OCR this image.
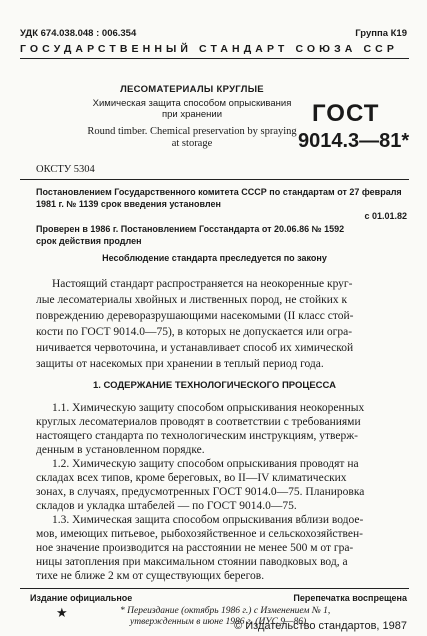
УДК 674.038.048 : 006.354	Группа К19
ГОСУДАРСТВЕННЫЙ СТАНДАРТ СОЮЗА ССР
ЛЕСОМАТЕРИАЛЫ КРУГЛЫЕ
Химическая защита способом опрыскивания
при хранении
Round timber. Chemical preservation by spraying
at storage
ГОСТ
9014.3—81*
ОКСТУ 5304
Постановлением Государственного комитета СССР по стандартам от 27 февраля
1981 г. № 1139 срок введения установлен
с 01.01.82
Проверен в 1986 г. Постановлением Госстандарта от 20.06.86 № 1592
срок действия продлен
Несоблюдение стандарта преследуется по закону
Настоящий стандарт распространяется на неокоренные круг-
лые лесоматериалы хвойных и лиственных пород, не стойких к
повреждению дереворазрушающими насекомыми (II класс стой-
кости по ГОСТ 9014.0—75), в которых не допускается или огра-
ничивается червоточина, и устанавливает способ их химической
защиты от насекомых при хранении в теплый период года.
1. СОДЕРЖАНИЕ ТЕХНОЛОГИЧЕСКОГО ПРОЦЕССА
1.1. Химическую защиту способом опрыскивания неокоренных
круглых лесоматериалов проводят в соответствии с требованиями
настоящего стандарта по технологическим инструкциям, утверж-
денным в установленном порядке.
1.2. Химическую защиту способом опрыскивания проводят на
складах всех типов, кроме береговых, во II—IV климатических
зонах, в случаях, предусмотренных ГОСТ 9014.0—75. Планировка
складов и укладка штабелей — по ГОСТ 9014.0—75.
1.3. Химическая защита способом опрыскивания вблизи водое-
мов, имеющих питьевое, рыбохозяйственное и сельскохозяйствен-
ное значение производится на расстоянии не менее 500 м от гра-
ницы затопления при максимальном стоянии паводковых вод, а
тихе не ближе 2 км от существующих берегов.
Издание официальное	Перепечатка воспрещена
★	* Переиздание (октябрь 1986 г.) с Изменением № 1,
утвержденным в июне 1986 г. (ИУС 9—86).
© Издательство стандартов, 1987
